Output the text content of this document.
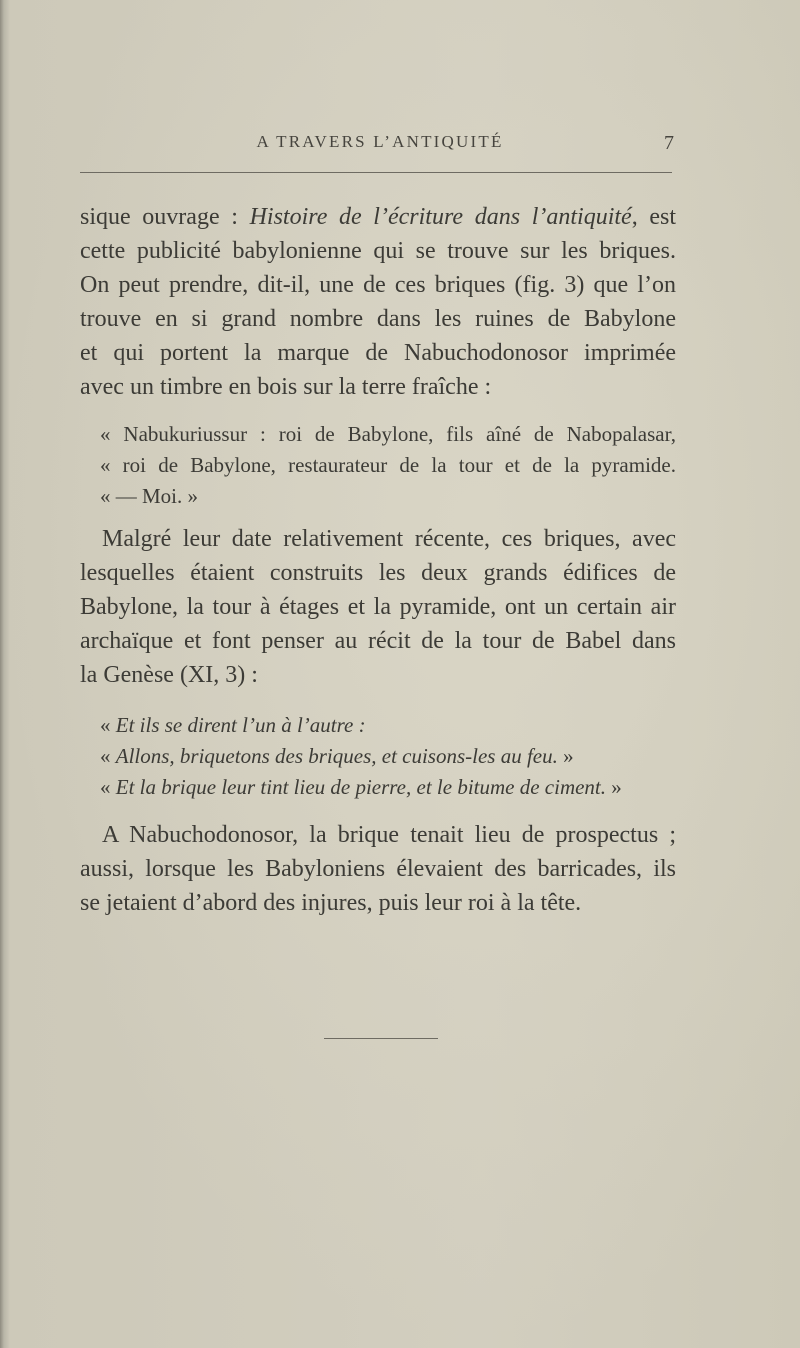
A TRAVERS L’ANTIQUITÉ	7
sique ouvrage : Histoire de l’écriture dans l’antiquité, est
cette publicité babylonienne qui se trouve sur les briques.
On peut prendre, dit-il, une de ces briques (fig. 3) que l’on
trouve en si grand nombre dans les ruines de Babylone
et qui portent la marque de Nabuchodonosor imprimée
avec un timbre en bois sur la terre fraîche :
« Nabukuriussur : roi de Babylone, fils aîné de Nabopalasar,
« roi de Babylone, restaurateur de la tour et de la pyramide.
« — Moi. »
Malgré leur date relativement récente, ces briques, avec
lesquelles étaient construits les deux grands édifices de
Babylone, la tour à étages et la pyramide, ont un certain air
archaïque et font penser au récit de la tour de Babel dans
la Genèse (XI, 3) :
« Et ils se dirent l’un à l’autre :
« Allons, briquetons des briques, et cuisons-les au feu. »
« Et la brique leur tint lieu de pierre, et le bitume de ciment. »
A Nabuchodonosor, la brique tenait lieu de prospectus ;
aussi, lorsque les Babyloniens élevaient des barricades, ils
se jetaient d’abord des injures, puis leur roi à la tête.
